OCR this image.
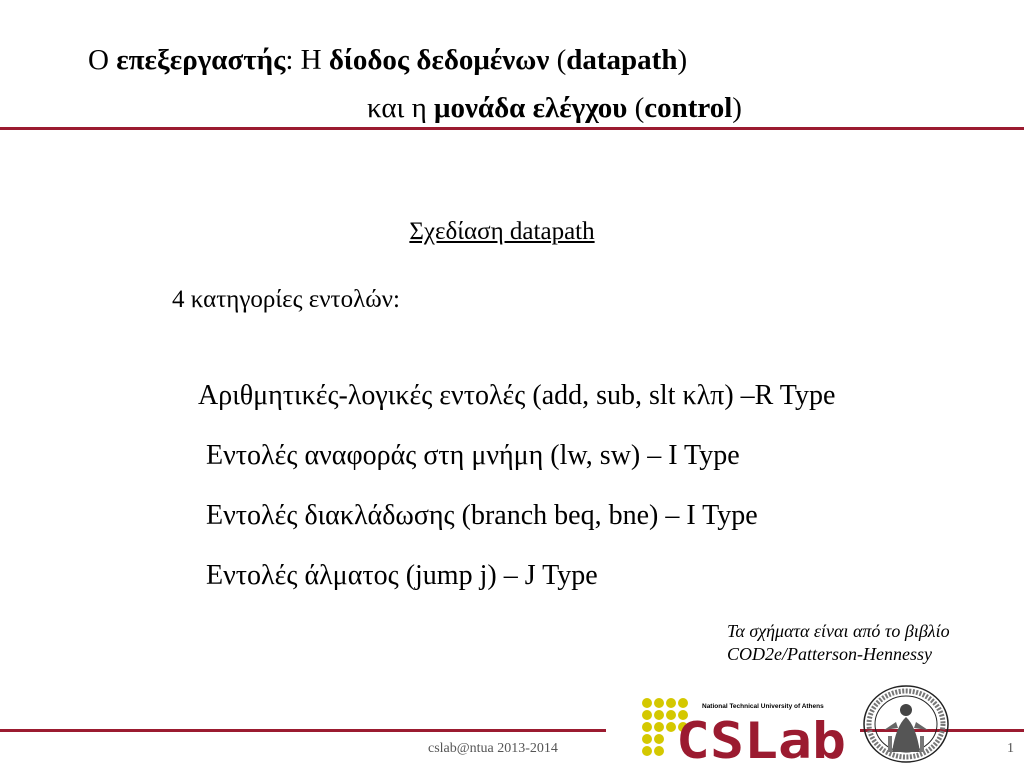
Ο επεξεργαστής: Η δίοδος δεδομένων (datapath)
και η μονάδα ελέγχου (control)
Σχεδίαση datapath
4 κατηγορίες εντολών:
Αριθμητικές-λογικές εντολές (add, sub, slt κλπ) –R Type
Εντολές αναφοράς στη μνήμη (lw, sw) – I Type
Εντολές διακλάδωσης (branch beq, bne) – I Type
Εντολές άλματος (jump j) – J Type
Τα σχήματα είναι από το βιβλίο
COD2e/Patterson-Hennessy
cslab@ntua 2013-2014	1
National Technical University of Athens
CSLab
